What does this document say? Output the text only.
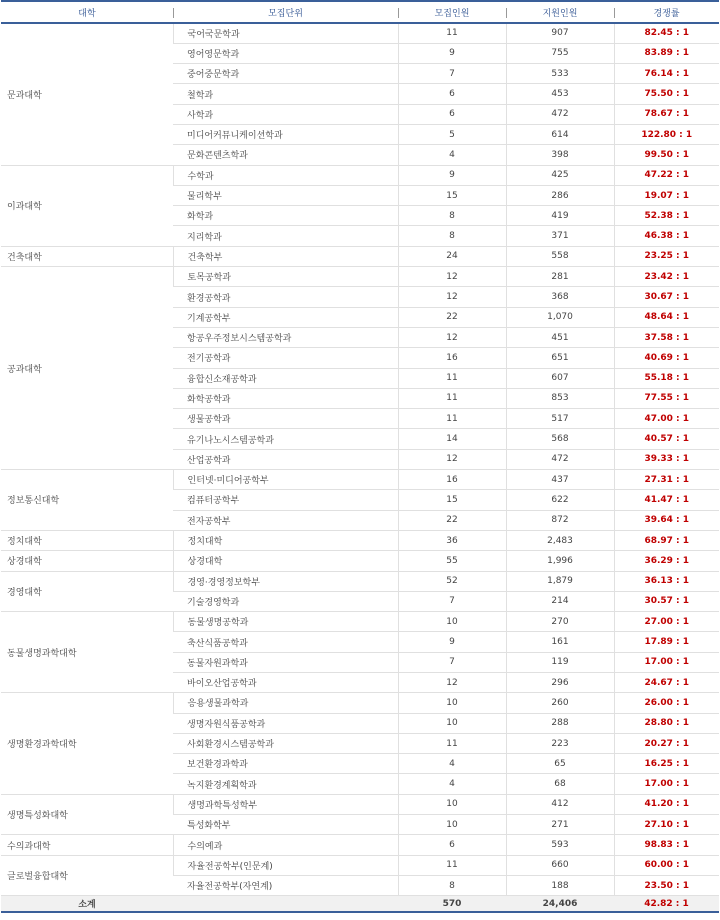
대학	모집단위	모집인원	지원인원	경쟁률
문과대학	국어국문학과	11	907	82.45 : 1
	영어영문학과	9	755	83.89 : 1
	중어중문학과	7	533	76.14 : 1
	철학과	6	453	75.50 : 1
	사학과	6	472	78.67 : 1
	미디어커뮤니케이션학과	5	614	122.80 : 1
	문화콘텐츠학과	4	398	99.50 : 1
이과대학	수학과	9	425	47.22 : 1
	물리학부	15	286	19.07 : 1
	화학과	8	419	52.38 : 1
	지리학과	8	371	46.38 : 1
건축대학	건축학부	24	558	23.25 : 1
공과대학	토목공학과	12	281	23.42 : 1
	환경공학과	12	368	30.67 : 1
	기계공학부	22	1,070	48.64 : 1
	항공우주정보시스템공학과	12	451	37.58 : 1
	전기공학과	16	651	40.69 : 1
	융합신소재공학과	11	607	55.18 : 1
	화학공학과	11	853	77.55 : 1
	생물공학과	11	517	47.00 : 1
	유기나노시스템공학과	14	568	40.57 : 1
	산업공학과	12	472	39.33 : 1
정보통신대학	인터넷·미디어공학부	16	437	27.31 : 1
	컴퓨터공학부	15	622	41.47 : 1
	전자공학부	22	872	39.64 : 1
정치대학	정치대학	36	2,483	68.97 : 1
상경대학	상경대학	55	1,996	36.29 : 1
경영대학	경영·경영정보학부	52	1,879	36.13 : 1
	기술경영학과	7	214	30.57 : 1
동물생명과학대학	동물생명공학과	10	270	27.00 : 1
	축산식품공학과	9	161	17.89 : 1
	동물자원과학과	7	119	17.00 : 1
	바이오산업공학과	12	296	24.67 : 1
생명환경과학대학	응용생물과학과	10	260	26.00 : 1
	생명자원식품공학과	10	288	28.80 : 1
	사회환경시스템공학과	11	223	20.27 : 1
	보건환경과학과	4	65	16.25 : 1
	녹지환경계획학과	4	68	17.00 : 1
생명특성화대학	생명과학특성학부	10	412	41.20 : 1
	특성화학부	10	271	27.10 : 1
수의과대학	수의예과	6	593	98.83 : 1
글로벌융합대학	자율전공학부(인문계)	11	660	60.00 : 1
	자율전공학부(자연계)	8	188	23.50 : 1
소계		570	24,406	42.82 : 1
